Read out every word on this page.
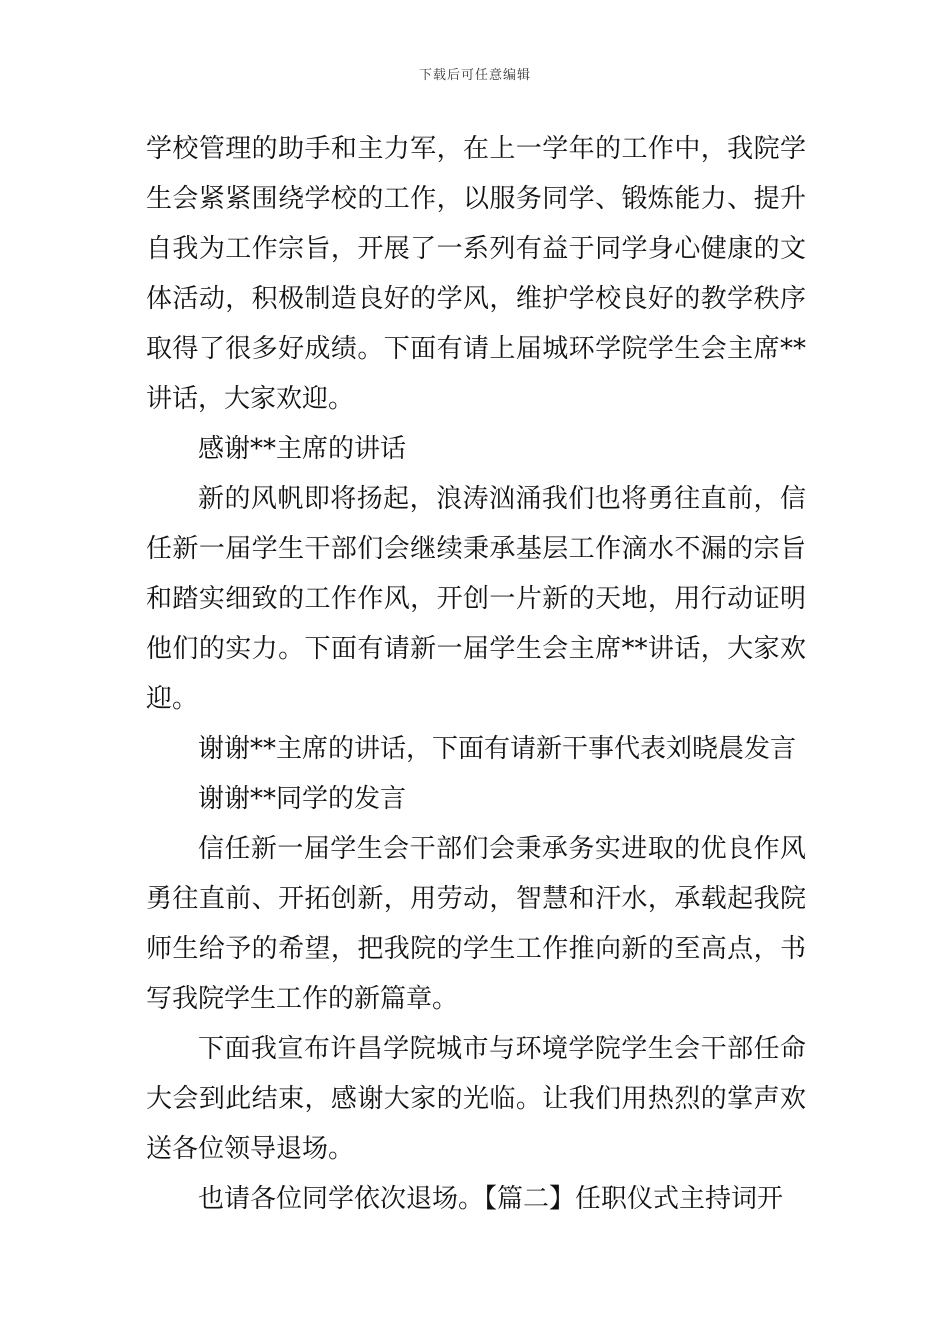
下载后可任意编辑

学校管理的助手和主力军，在上一学年的工作中，我院学生会紧紧围绕学校的工作，以服务同学、锻炼能力、提升自我为工作宗旨，开展了一系列有益于同学身心健康的文体活动，积极制造良好的学风，维护学校良好的教学秩序取得了很多好成绩。下面有请上届城环学院学生会主席**讲话，大家欢迎。

感谢**主席的讲话

新的风帆即将扬起，浪涛汹涌我们也将勇往直前，信任新一届学生干部们会继续秉承基层工作滴水不漏的宗旨和踏实细致的工作作风，开创一片新的天地，用行动证明他们的实力。下面有请新一届学生会主席**讲话，大家欢迎。

谢谢**主席的讲话，下面有请新干事代表刘晓晨发言

谢谢**同学的发言

信任新一届学生会干部们会秉承务实进取的优良作风勇往直前、开拓创新，用劳动，智慧和汗水，承载起我院师生给予的希望，把我院的学生工作推向新的至高点，书写我院学生工作的新篇章。

下面我宣布许昌学院城市与环境学院学生会干部任命大会到此结束，感谢大家的光临。让我们用热烈的掌声欢送各位领导退场。

也请各位同学依次退场。【篇二】任职仪式主持词开
